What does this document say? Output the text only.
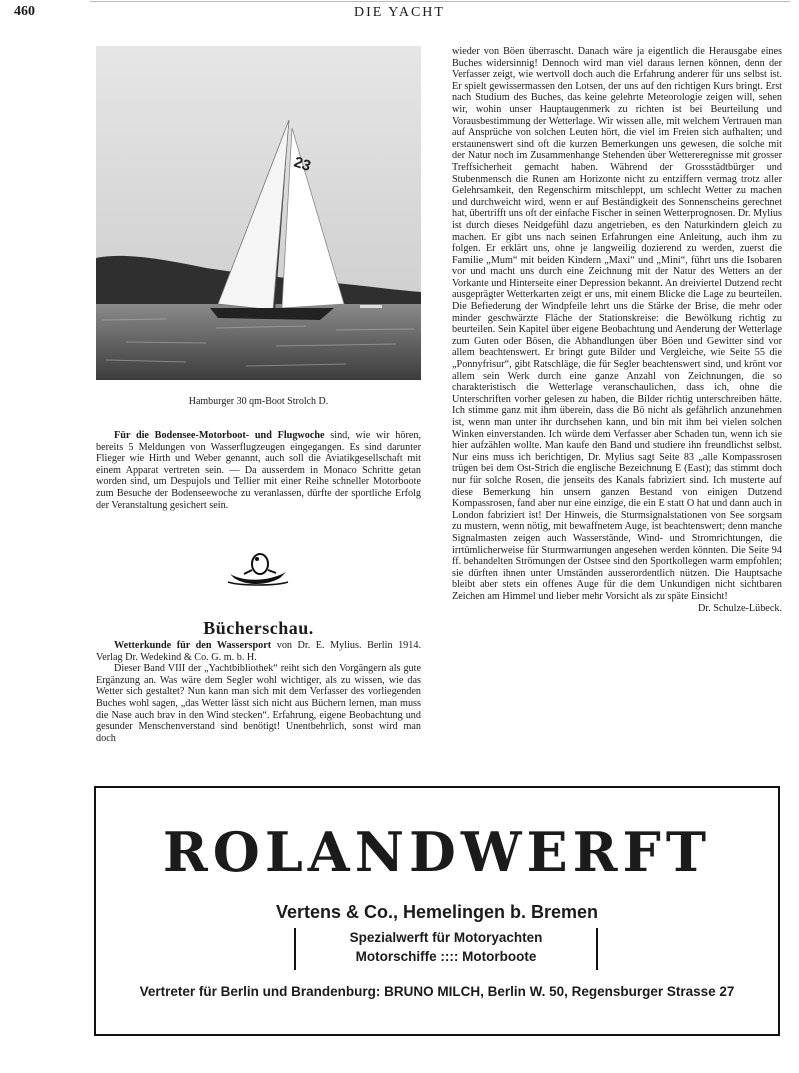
460	DIE YACHT
23
Hamburger 30 qm-Boot Strolch D.

Für die Bodensee-Motorboot- und Flugwoche sind, wie wir hören, bereits 5 Meldungen von Wasserflugzeugen eingegangen. Es sind darunter Flieger wie Hirth und Weber genannt, auch soll die Aviatikgesellschaft mit einem Apparat vertreten sein. — Da ausserdem in Monaco Schritte getan worden sind, um Despujols und Tellier mit einer Reihe schneller Motorboote zum Besuche der Bodenseewoche zu veranlassen, dürfte der sportliche Erfolg der Veranstaltung gesichert sein.

Bücherschau.

Wetterkunde für den Wassersport von Dr. E. Mylius. Berlin 1914. Verlag Dr. Wedekind & Co. G. m. b. H.

Dieser Band VIII der „Yachtbibliothek“ reiht sich den Vorgängern als gute Ergänzung an. Was wäre dem Segler wohl wichtiger, als zu wissen, wie das Wetter sich gestaltet? Nun kann man sich mit dem Verfasser des vorliegenden Buches wohl sagen, „das Wetter lässt sich nicht aus Büchern lernen, man muss die Nase auch brav in den Wind stecken“. Erfahrung, eigene Beobachtung und gesunder Menschenverstand sind benötigt! Unentbehrlich, sonst wird man doch

wieder von Böen überrascht. Danach wäre ja eigentlich die Herausgabe eines Buches widersinnig! Dennoch wird man viel daraus lernen können, denn der Verfasser zeigt, wie wertvoll doch auch die Erfahrung anderer für uns selbst ist. Er spielt gewissermassen den Lotsen, der uns auf den richtigen Kurs bringt. Erst nach Studium des Buches, das keine gelehrte Meteorologie zeigen will, sehen wir, wohin unser Hauptaugenmerk zu richten ist bei Beurteilung und Vorausbestimmung der Wetterlage. Wir wissen alle, mit welchem Vertrauen man auf Ansprüche von solchen Leuten hört, die viel im Freien sich aufhalten; und erstaunenswert sind oft die kurzen Bemerkungen uns gewesen, die solche mit der Natur noch im Zusammenhange Stehenden über Wettereregnisse mit grosser Treffsicherheit gemacht haben. Während der Grossstädtbürger und Stubenmensch die Runen am Horizonte nicht zu entziffern vermag trotz aller Gelehrsamkeit, den Regenschirm mitschleppt, um schlecht Wetter zu machen und durchweicht wird, wenn er auf Beständigkeit des Sonnenscheins gerechnet hat, übertrifft uns oft der einfache Fischer in seinen Wetterprognosen. Dr. Mylius ist durch dieses Neidgefühl dazu angetrieben, es den Naturkindern gleich zu machen. Er gibt uns nach seinen Erfahrungen eine Anleitung, auch ihm zu folgen. Er erklärt uns, ohne je langweilig dozierend zu werden, zuerst die Familie „Mum“ mit beiden Kindern „Maxi“ und „Mini“, führt uns die Isobaren vor und macht uns durch eine Zeichnung mit der Natur des Wetters an der Vorkante und Hinterseite einer Depression bekannt. An dreiviertel Dutzend recht ausgeprägter Wetterkarten zeigt er uns, mit einem Blicke die Lage zu beurteilen. Die Befiederung der Windpfeile lehrt uns die Stärke der Brise, die mehr oder minder geschwärzte Fläche der Stationskreise: die Bewölkung richtig zu beurteilen. Sein Kapitel über eigene Beobachtung und Aenderung der Wetterlage zum Guten oder Bösen, die Abhandlungen über Böen und Gewitter sind vor allem beachtenswert. Er bringt gute Bilder und Vergleiche, wie Seite 55 die „Ponnyfrisur“, gibt Ratschläge, die für Segler beachtenswert sind, und krönt vor allem sein Werk durch eine ganze Anzahl von Zeichnungen, die so charakteristisch die Wetterlage veranschaulichen, dass ich, ohne die Unterschriften vorher gelesen zu haben, die Bilder richtig unterschreiben hätte. Ich stimme ganz mit ihm überein, dass die Bö nicht als gefährlich anzunehmen ist, wenn man unter ihr durchsehen kann, und bin mit ihm bei vielen solchen Winken einverstanden. Ich würde dem Verfasser aber Schaden tun, wenn ich sie hier aufzählen wollte. Man kaufe den Band und studiere ihn freundlichst selbst. Nur eins muss ich berichtigen, Dr. Mylius sagt Seite 83 „alle Kompassrosen trügen bei dem Ost-Strich die englische Bezeichnung E (East); das stimmt doch nur für solche Rosen, die jenseits des Kanals fabriziert sind. Ich musterte auf diese Bemerkung hin unsern ganzen Bestand von einigen Dutzend Kompassrosen, fand aber nur eine einzige, die ein E statt O hat und dann auch in London fabriziert ist! Der Hinweis, die Sturmsignalstationen von See sorgsam zu mustern, wenn nötig, mit bewaffnetem Auge, ist beachtenswert; denn manche Signalmasten zeigen auch Wasserstände, Wind- und Stromrichtungen, die irrtümlicherweise für Sturmwarnungen angesehen werden könnten. Die Seite 94 ff. behandelten Strömungen der Ostsee sind den Sportkollegen warm empfohlen; sie dürften ihnen unter Umständen ausserordentlich nützen. Die Hauptsache bleibt aber stets ein offenes Auge für die dem Unkundigen nicht sichtbaren Zeichen am Himmel und lieber mehr Vorsicht als zu späte Einsicht!

Dr. Schulze-Lübeck.
ROLANDWERFT
Vertens & Co., Hemelingen b. Bremen
Spezialwerft für Motoryachten
Motorschiffe :::: Motorboote
Vertreter für Berlin und Brandenburg: BRUNO MILCH, Berlin W. 50, Regensburger Strasse 27
